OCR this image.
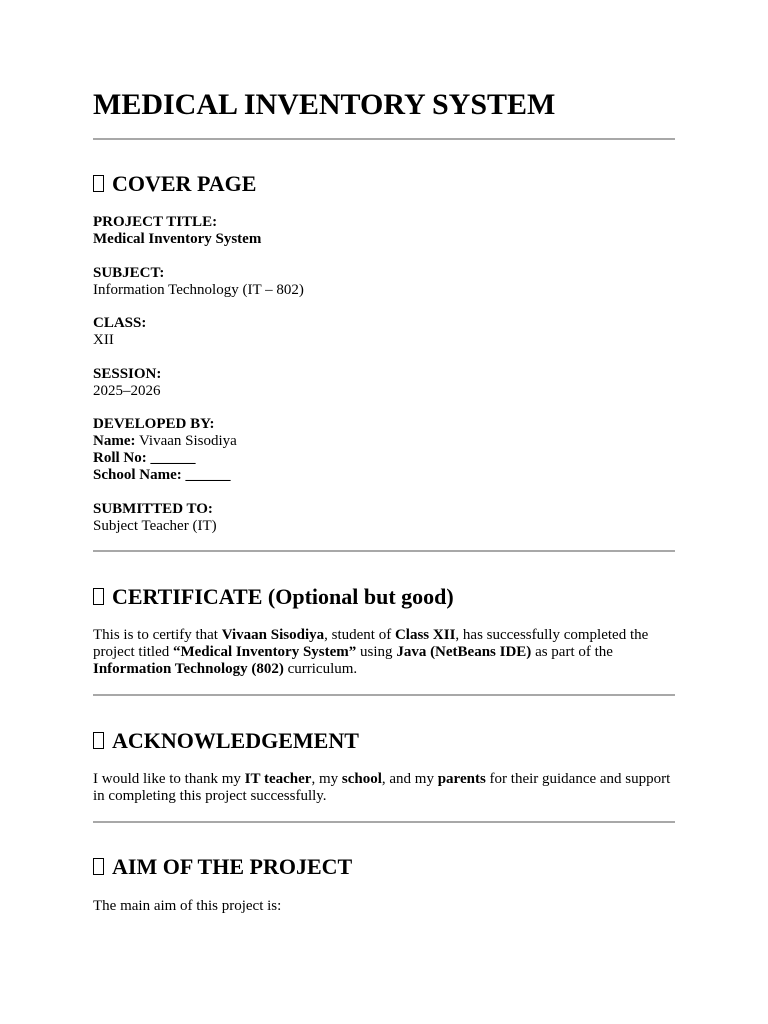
MEDICAL INVENTORY SYSTEM
COVER PAGE
PROJECT TITLE:
Medical Inventory System
SUBJECT:
Information Technology (IT – 802)
CLASS:
XII
SESSION:
2025–2026
DEVELOPED BY:
Name: Vivaan Sisodiya
Roll No: ______
School Name: ______
SUBMITTED TO:
Subject Teacher (IT)
CERTIFICATE (Optional but good)

This is to certify that Vivaan Sisodiya, student of Class XII, has successfully completed the project titled “Medical Inventory System” using Java (NetBeans IDE) as part of the Information Technology (802) curriculum.

ACKNOWLEDGEMENT

I would like to thank my IT teacher, my school, and my parents for their guidance and support in completing this project successfully.

AIM OF THE PROJECT

The main aim of this project is:
